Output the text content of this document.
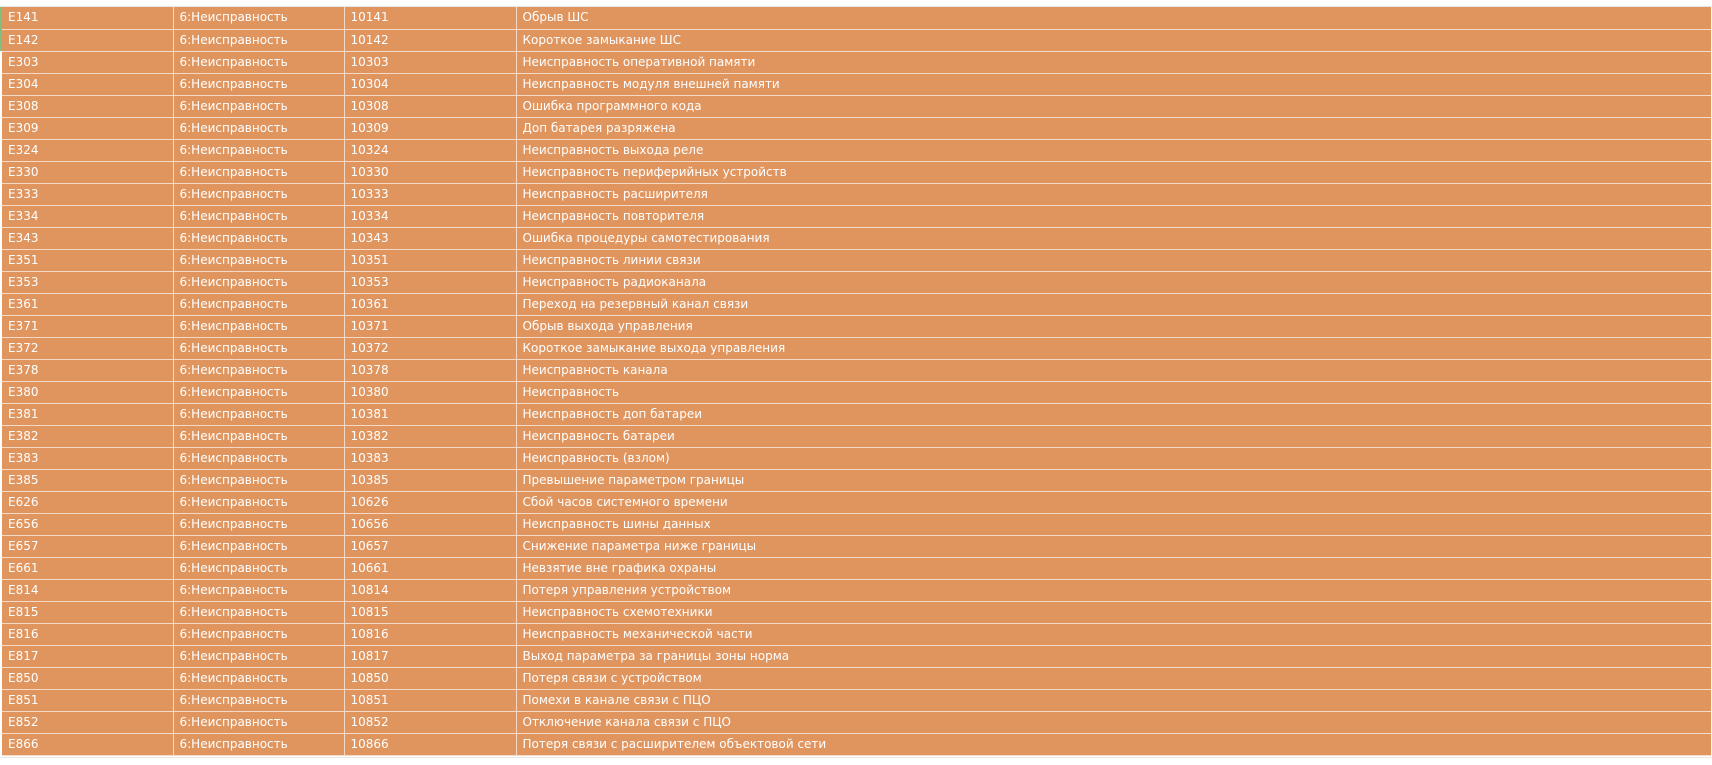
E141	6:Неисправность	10141	Обрыв ШС
E142	6:Неисправность	10142	Короткое замыкание ШС
E303	6:Неисправность	10303	Неисправность оперативной памяти
E304	6:Неисправность	10304	Неисправность модуля внешней памяти
E308	6:Неисправность	10308	Ошибка программного кода
E309	6:Неисправность	10309	Доп батарея разряжена
E324	6:Неисправность	10324	Неисправность выхода реле
E330	6:Неисправность	10330	Неисправность периферийных устройств
E333	6:Неисправность	10333	Неисправность расширителя
E334	6:Неисправность	10334	Неисправность повторителя
E343	6:Неисправность	10343	Ошибка процедуры самотестирования
E351	6:Неисправность	10351	Неисправность линии связи
E353	6:Неисправность	10353	Неисправность радиоканала
E361	6:Неисправность	10361	Переход на резервный канал связи
E371	6:Неисправность	10371	Обрыв выхода управления
E372	6:Неисправность	10372	Короткое замыкание выхода управления
E378	6:Неисправность	10378	Неисправность канала
E380	6:Неисправность	10380	Неисправность
E381	6:Неисправность	10381	Неисправность доп батареи
E382	6:Неисправность	10382	Неисправность батареи
E383	6:Неисправность	10383	Неисправность (взлом)
E385	6:Неисправность	10385	Превышение параметром границы
E626	6:Неисправность	10626	Сбой часов системного времени
E656	6:Неисправность	10656	Неисправность шины данных
E657	6:Неисправность	10657	Снижение параметра ниже границы
E661	6:Неисправность	10661	Невзятие вне графика охраны
E814	6:Неисправность	10814	Потеря управления устройством
E815	6:Неисправность	10815	Неисправность схемотехники
E816	6:Неисправность	10816	Неисправность механической части
E817	6:Неисправность	10817	Выход параметра за границы зоны норма
E850	6:Неисправность	10850	Потеря связи с устройством
E851	6:Неисправность	10851	Помехи в канале связи с ПЦО
E852	6:Неисправность	10852	Отключение канала связи с ПЦО
E866	6:Неисправность	10866	Потеря связи с расширителем объектовой сети
